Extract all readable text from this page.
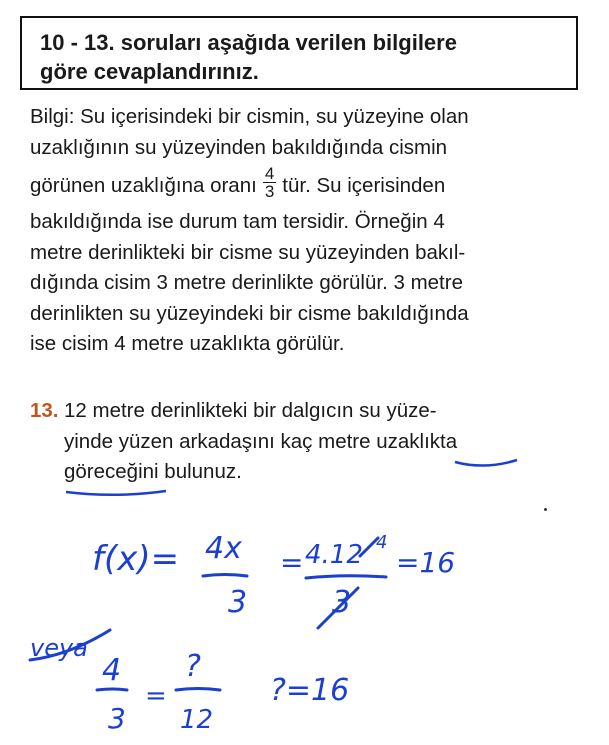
10 - 13. soruları aşağıda verilen bilgilere
göre cevaplandırınız.
Bilgi: Su içerisindeki bir cismin, su yüzeyine olan
uzaklığının su yüzeyinden bakıldığında cismin
görünen uzaklığına oranı $\frac{4}{3}$ tür. Su içerisinden
bakıldığında ise durum tam tersidir. Örneğin 4
metre derinlikteki bir cisme su yüzeyinden bakıl-
dığında cisim 3 metre derinlikte görülür. 3 metre
derinlikten su yüzeyindeki bir cisme bakıldığında
ise cisim 4 metre uzaklıkta görülür.
13. 12 metre derinlikteki bir dalgıcın su yüze-
yinde yüzen arkadaşını kaç metre uzaklıkta
göreceğini bulunuz.
f(x)= 4x
3
= 4.12 4
3
=16
veya
4
3
=
?
12
?=16
